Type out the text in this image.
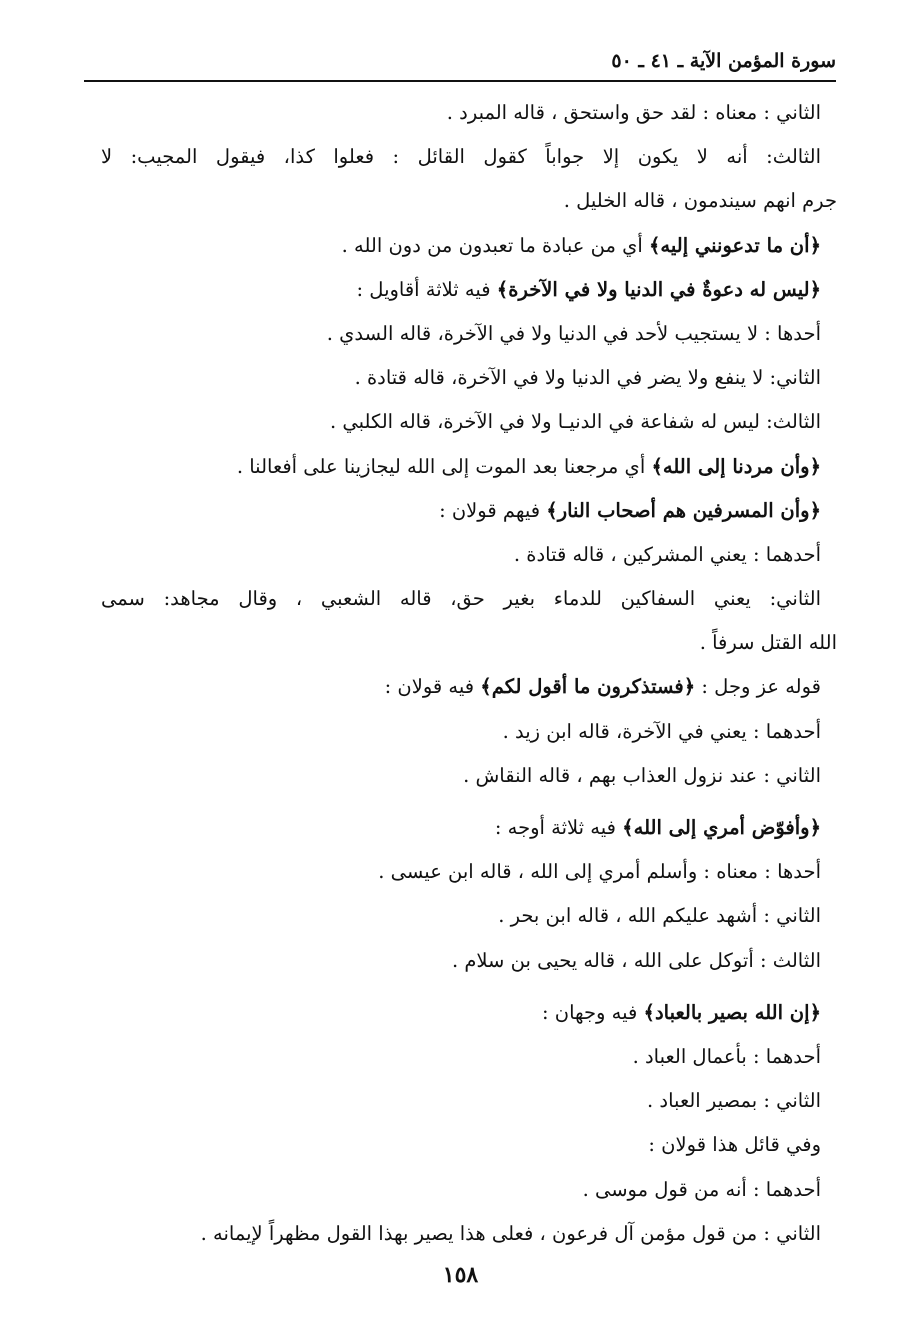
سورة المؤمن الآية ـ ٤١ ـ ٥٠
الثاني : معناه : لقد حق واستحق ، قاله المبرد .
الثالث: أنه لا يكون إلا جواباً كقول القائل : فعلوا كذا، فيقول المجيب: لا
جرم انهم سيندمون ، قاله الخليل .
﴿أن ما تدعونني إليه﴾ أي من عبادة ما تعبدون من دون الله .
﴿ليس له دعوةٌ في الدنيا ولا في الآخرة﴾ فيه ثلاثة أقاويل :
أحدها : لا يستجيب لأحد في الدنيا ولا في الآخرة، قاله السدي .
الثاني: لا ينفع ولا يضر في الدنيا ولا في الآخرة، قاله قتادة .
الثالث: ليس له شفاعة في الدنيـا ولا في الآخرة، قاله الكلبي .
﴿وأن مردنا إلى الله﴾ أي مرجعنا بعد الموت إلى الله ليجازينا على أفعالنا .
﴿وأن المسرفين هم أصحاب النار﴾ فيهم قولان :
أحدهما : يعني المشركين ، قاله قتادة .
الثاني: يعني السفاكين للدماء بغير حق، قاله الشعبي ، وقال مجاهد: سمى
الله القتل سرفاً .
قوله عز وجل : ﴿فستذكرون ما أقول لكم﴾ فيه قولان :
أحدهما : يعني في الآخرة، قاله ابن زيد .
الثاني : عند نزول العذاب بهم ، قاله النقاش .
﴿وأفوّض أمري إلى الله﴾ فيه ثلاثة أوجه :
أحدها : معناه : وأسلم أمري إلى الله ، قاله ابن عيسى .
الثاني : أشهد عليكم الله ، قاله ابن بحر .
الثالث : أتوكل على الله ، قاله يحيى بن سلام .
﴿إن الله بصير بالعباد﴾ فيه وجهان :
أحدهما : بأعمال العباد .
الثاني : بمصير العباد .
وفي قائل هذا قولان :
أحدهما : أنه من قول موسى .
الثاني : من قول مؤمن آل فرعون ، فعلى هذا يصير بهذا القول مظهراً لإيمانه .
١٥٨
